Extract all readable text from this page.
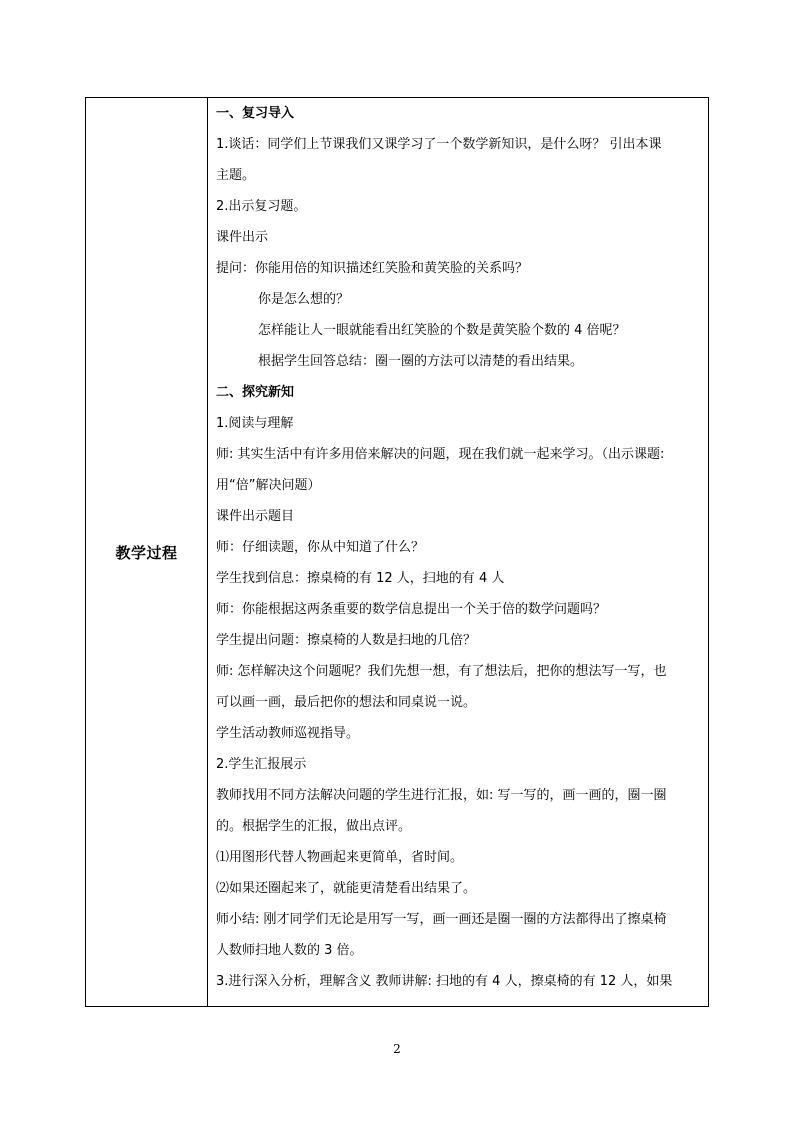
教学过程

一、复习导入

1.谈话：同学们上节课我们又课学习了一个数学新知识，是什么呀？ 引出本课

主题。

2.出示复习题。

课件出示

提问：你能用倍的知识描述红笑脸和黄笑脸的关系吗？

你是怎么想的？

怎样能让人一眼就能看出红笑脸的个数是黄笑脸个数的 4 倍呢？

根据学生回答总结：圈一圈的方法可以清楚的看出结果。

二、探究新知

1.阅读与理解

师: 其实生活中有许多用倍来解决的问题，现在我们就一起来学习。（出示课题:

用“倍”解决问题）

课件出示题目

师：仔细读题，你从中知道了什么？

学生找到信息：擦桌椅的有 12 人，扫地的有 4 人

师：你能根据这两条重要的数学信息提出一个关于倍的数学问题吗？

学生提出问题：擦桌椅的人数是扫地的几倍？

师: 怎样解决这个问题呢？我们先想一想，有了想法后，把你的想法写一写，也

可以画一画，最后把你的想法和同桌说一说。

学生活动教师巡视指导。

2.学生汇报展示

教师找用不同方法解决问题的学生进行汇报，如: 写一写的，画一画的，圈一圈

的。根据学生的汇报，做出点评。

⑴用图形代替人物画起来更简单，省时间。

⑵如果还圈起来了，就能更清楚看出结果了。

师小结: 刚才同学们无论是用写一写，画一画还是圈一圈的方法都得出了擦桌椅

人数师扫地人数的 3 倍。

3.进行深入分析，理解含义 教师讲解: 扫地的有 4 人，擦桌椅的有 12 人，如果

2
